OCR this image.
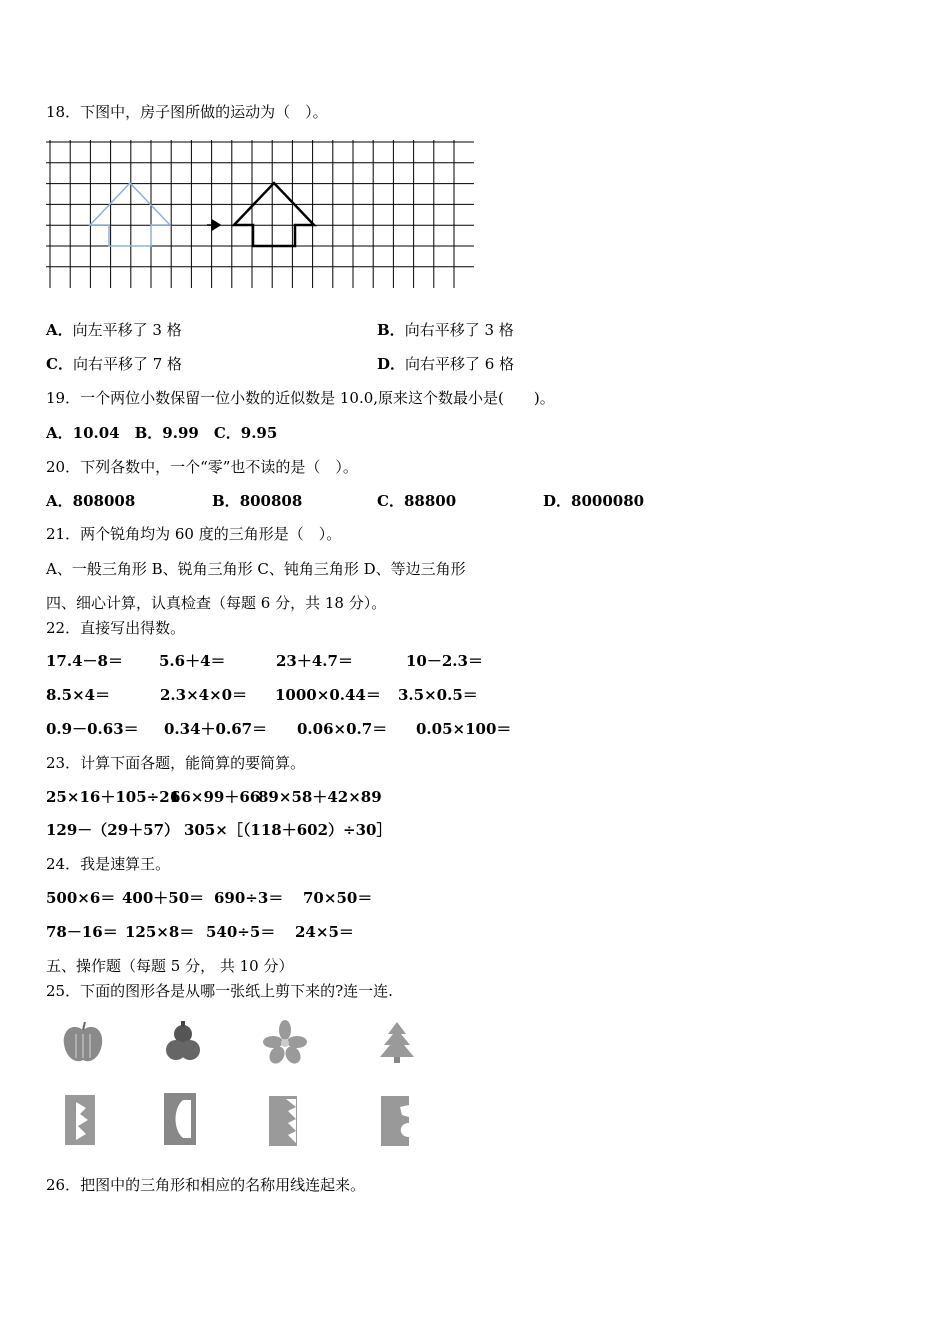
18．下图中，房子图所做的运动为（　）。
A．向左平移了 3 格	B．向右平移了 3 格
C．向右平移了 7 格	D．向右平移了 6 格
19．一个两位小数保留一位小数的近似数是 10.0,原来这个数最小是(　　)。
A．10.04　B．9.99　C．9.95
20．下列各数中，一个“零”也不读的是（　）。
A．808008	B．800808	C．88800	D．8000080
21．两个锐角均为 60 度的三角形是（　）。
A、一般三角形 B、锐角三角形 C、钝角三角形 D、等边三角形
四、细心计算，认真检查（每题 6 分，共 18 分）。
22．直接写出得数。
17.4－8＝ 5.6＋4＝	23＋4.7＝	10－2.3＝
8.5×4＝	2.3×4×0＝ 1000×0.44＝ 3.5×0.5＝
0.9－0.63＝ 0.34＋0.67＝ 0.06×0.7＝ 0.05×100＝
23．计算下面各题，能简算的要简算。
25×16＋105÷21
66×99＋66
89×58＋42×89
129－（29＋57） 305×［（118＋602）÷30］
24．我是速算王。
500×6＝ 400＋50＝ 690÷3＝ 70×50＝
78－16＝ 125×8＝ 540÷5＝ 24×5＝
五、操作题（每题 5 分， 共 10 分）
25．下面的图形各是从哪一张纸上剪下来的?连一连.
26．把图中的三角形和相应的名称用线连起来。
